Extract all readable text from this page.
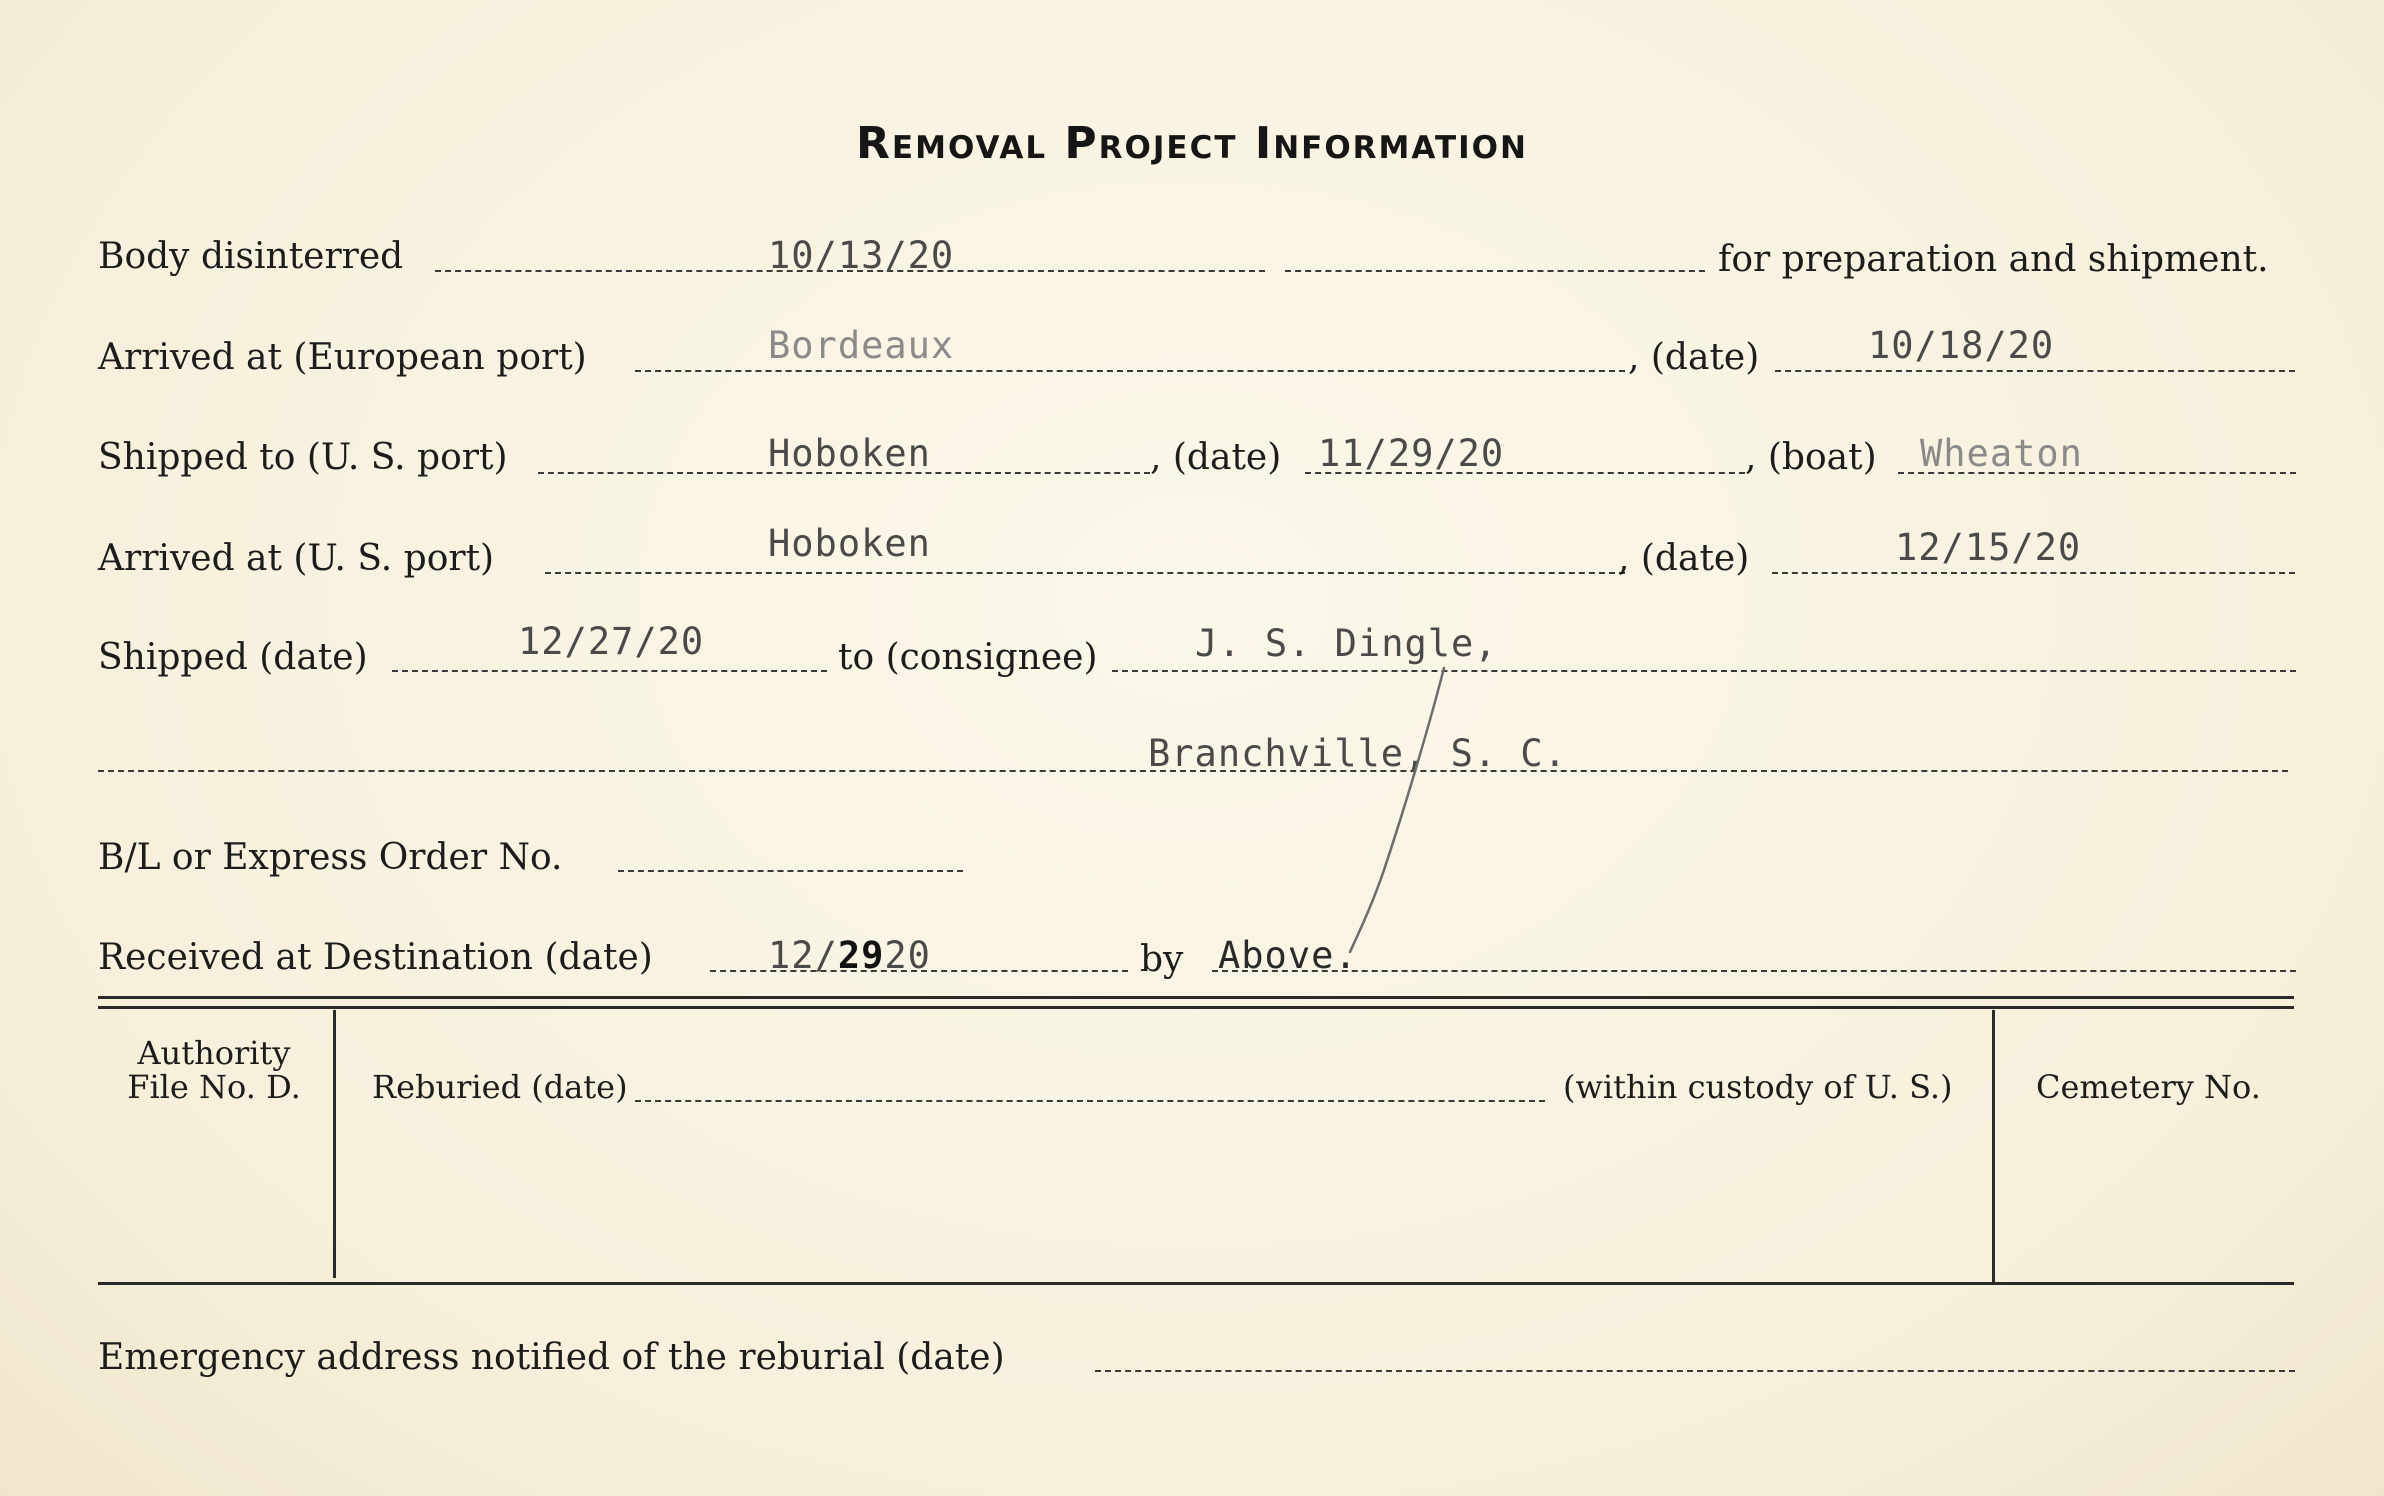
Removal Project Information
Body disinterred	10/13/20	for preparation and shipment.
Arrived at (European port)	Bordeaux	, (date)	10/18/20
Shipped to (U. S. port)	Hoboken	, (date) 11/29/20	, (boat) Wheaton
Arrived at (U. S. port)	Hoboken	, (date)	12/15/20
Shipped (date)	12/27/20	to (consignee)	J. S. Dingle,
Branchville, S. C.
B/L or Express Order No.
Received at Destination (date)	12/2920	by Above.
Authority
File No. D.	Reburied (date)	(within custody of U. S.)	Cemetery No.
Emergency address notified of the reburial (date)
